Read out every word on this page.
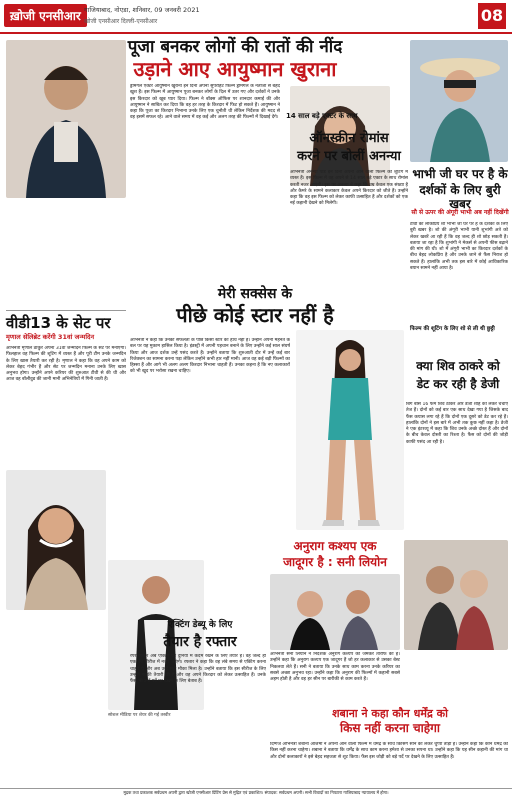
ख़ोजी एनसीआर गाजियाबाद, नोएडा, शनिवार, 09 जनवरी 2021
खोजी एनसीआर दिल्ली-एनसीआर	08
पूजा बनकर लोगों की रातों की नींद
उड़ाने आए आयुष्मान खुराना

ड्रीमगर्ल एक्टर आयुष्मान खुराना इन दिनों अपनी सुपरहिट फिल्म ड्रीमगर्ल के नतीजों से बेहद खुश हैं। इस फिल्म में आयुष्मान पूजा बनकर लोगों के दिल में उतर गए और दर्शकों ने उनके इस किरदार को खूब प्यार दिया। फिल्म ने बॉक्स ऑफिस पर शानदार कमाई की और आयुष्मान ने साबित कर दिया कि वह हर तरह के किरदार में फिट हो सकते हैं। आयुष्मान ने कहा कि पूजा का किरदार निभाना उनके लिए एक चुनौती थी लेकिन निर्देशक की मदद से वह इसमें सफल रहे। आने वाले समय में वह कई और अलग तरह की फिल्मों में दिखाई देंगे। 14 साल बड़े एक्टर के साथ
ऑनस्क्रीन रोमांस
करने पर बोलीं अनन्या

अभिनेत्री अनन्या पांडे इन दिनों अपनी आने वाली फिल्म की शूटिंग में व्यस्त हैं। इस फिल्म में वह अपने से 14 साल बड़े एक्टर के साथ रोमांस करती नजर आएंगी। इस पर अनन्या ने कहा कि उम्र केवल एक संख्या है और कैमरे के सामने कलाकार केवल अपने किरदार को जीते हैं। उन्होंने कहा कि वह इस फिल्म को लेकर काफी उत्साहित हैं और दर्शकों को एक नई कहानी देखने को मिलेगी।

भाभी जी घर पर है के
दर्शकों के लिए बुरी खबर
सौ से ऊपर की अंगूरी भाभी अब नहीं दिखेंगी

टीवी का लोकप्रिय शो भाभी जी घर पर हैं के दर्शकों के लिए बुरी खबर है। शो की अंगूरी भाभी यानी शुभांगी अत्रे को लेकर खबरें आ रही हैं कि वह जल्द ही शो छोड़ सकती हैं। बताया जा रहा है कि शुभांगी ने मेकर्स से अपनी फीस बढ़ाने की मांग की थी। शो में अंगूरी भाभी का किरदार दर्शकों के बीच बेहद लोकप्रिय है और उनके जाने से फैंस निराश हो सकते हैं। हालांकि अभी तक इस बारे में कोई आधिकारिक बयान सामने नहीं आया है।

फिल्म की शूटिंग के लिए शो से ली थी छुट्टी
वीडी13 के सेट पर
मृणाल सेलिब्रेट करेंगी 31वां जन्मदिन

अभिनेत्री मृणाल ठाकुर अपना 31वां जन्मदिन फिल्म के सेट पर मनाएंगी। फिलहाल वह फिल्म की शूटिंग में व्यस्त हैं और पूरी टीम उनके जन्मदिन के लिए खास तैयारी कर रही है। मृणाल ने कहा कि वह अपने काम को लेकर बेहद गंभीर हैं और सेट पर जन्मदिन मनाना उनके लिए खास अनुभव होगा। उन्होंने अपने करियर की शुरुआत टीवी से की थी और आज वह बॉलीवुड की जानी मानी अभिनेत्रियों में गिनी जाती हैं।

मेरी सक्सेस के
पीछे कोई स्टार नहीं है

अभिनेत्री ने कहा कि उनकी सफलता के पीछे किसी स्टार का हाथ नहीं है। उन्होंने अपनी मेहनत के बल पर यह मुकाम हासिल किया है। इंडस्ट्री में अपनी पहचान बनाने के लिए उन्होंने कई साल संघर्ष किया और आज दर्शक उन्हें पसंद करते हैं। उन्होंने बताया कि शुरुआती दौर में उन्हें कई बार रिजेक्शन का सामना करना पड़ा लेकिन उन्होंने कभी हार नहीं मानी। आज वह कई बड़ी फिल्मों का हिस्सा हैं और आगे भी अलग अलग किरदार निभाना चाहती हैं। उनका कहना है कि नए कलाकारों को भी खुद पर भरोसा रखना चाहिए।	क्या शिव ठाकरे को
डेट कर रही है डेजी

बिग बॉस 16 फेम शिव ठाकरे और डेजी शाह को लेकर चर्चाएं तेज हैं। दोनों को कई बार एक साथ देखा गया है जिसके बाद फैंस कयास लगा रहे हैं कि दोनों एक दूसरे को डेट कर रहे हैं। हालांकि दोनों ने इस बारे में अभी तक कुछ नहीं कहा है। डेजी ने एक इंटरव्यू में कहा कि शिव उनके अच्छे दोस्त हैं और दोनों के बीच केवल दोस्ती का रिश्ता है। फैंस को दोनों की जोड़ी काफी पसंद आ रही है।

सोशल मीडिया पर शेयर की गई तस्वीर
अनुराग कश्यप एक
जादूगर है : सनी लियोन

अभिनेत्री सनी लियोन ने निर्देशक अनुराग कश्यप की जमकर तारीफ की है। उन्होंने कहा कि अनुराग कश्यप एक जादूगर हैं जो हर कलाकार से उसका बेस्ट निकलवा लेते हैं। सनी ने बताया कि उनके साथ काम करना उनके करियर का सबसे अच्छा अनुभव रहा। उन्होंने कहा कि अनुराग की फिल्मों में कहानी सबसे अहम होती है और वह हर सीन पर बारीकी से काम करते हैं।

एक्टिंग डेब्यू के लिए
तैयार है रफ्तार

रैपर रफ्तार अब एक्टिंग की दुनिया में कदम रखने के लिए तैयार हैं। वह जल्द ही एक वेब सीरीज में नजर आएंगे। रफ्तार ने कहा कि वह लंबे समय से एक्टिंग करना चाहते थे और अब उन्हें सही मौका मिला है। उन्होंने बताया कि इस सीरीज के लिए उन्होंने काफी तैयारी की है और वह अपने किरदार को लेकर उत्साहित हैं। उनके फैंस भी उन्हें पर्दे पर देखने के लिए बेताब हैं।

शबाना ने कहा कौन धर्मेंद्र को
किस नहीं करना चाहेगा

दिग्गज अभिनेत्री शबाना आजमी ने अपनी आने वाली फिल्म में धर्मेंद्र के साथ किसिंग सीन को लेकर चुप्पी तोड़ी है। उन्होंने कहा कि कौन धर्मेंद्र को किस नहीं करना चाहेगा। शबाना ने बताया कि धर्मेंद्र के साथ काम करना हमेशा से उनका सपना था। उन्होंने कहा कि यह सीन कहानी की मांग था और दोनों कलाकारों ने इसे बेहद सहजता से शूट किया। फैंस इस जोड़ी को बड़े पर्दे पर देखने के लिए उत्साहित हैं।

मुद्रक तथा प्रकाशक सर्वप्रथम अपनी द्वारा खोजी एनसीआर प्रिंटिंग प्रेस से मुद्रित एवं प्रकाशित। संपादक: सर्वप्रथम अपनी। सभी विवादों का निपटारा गाजियाबाद न्यायालय में होगा।
